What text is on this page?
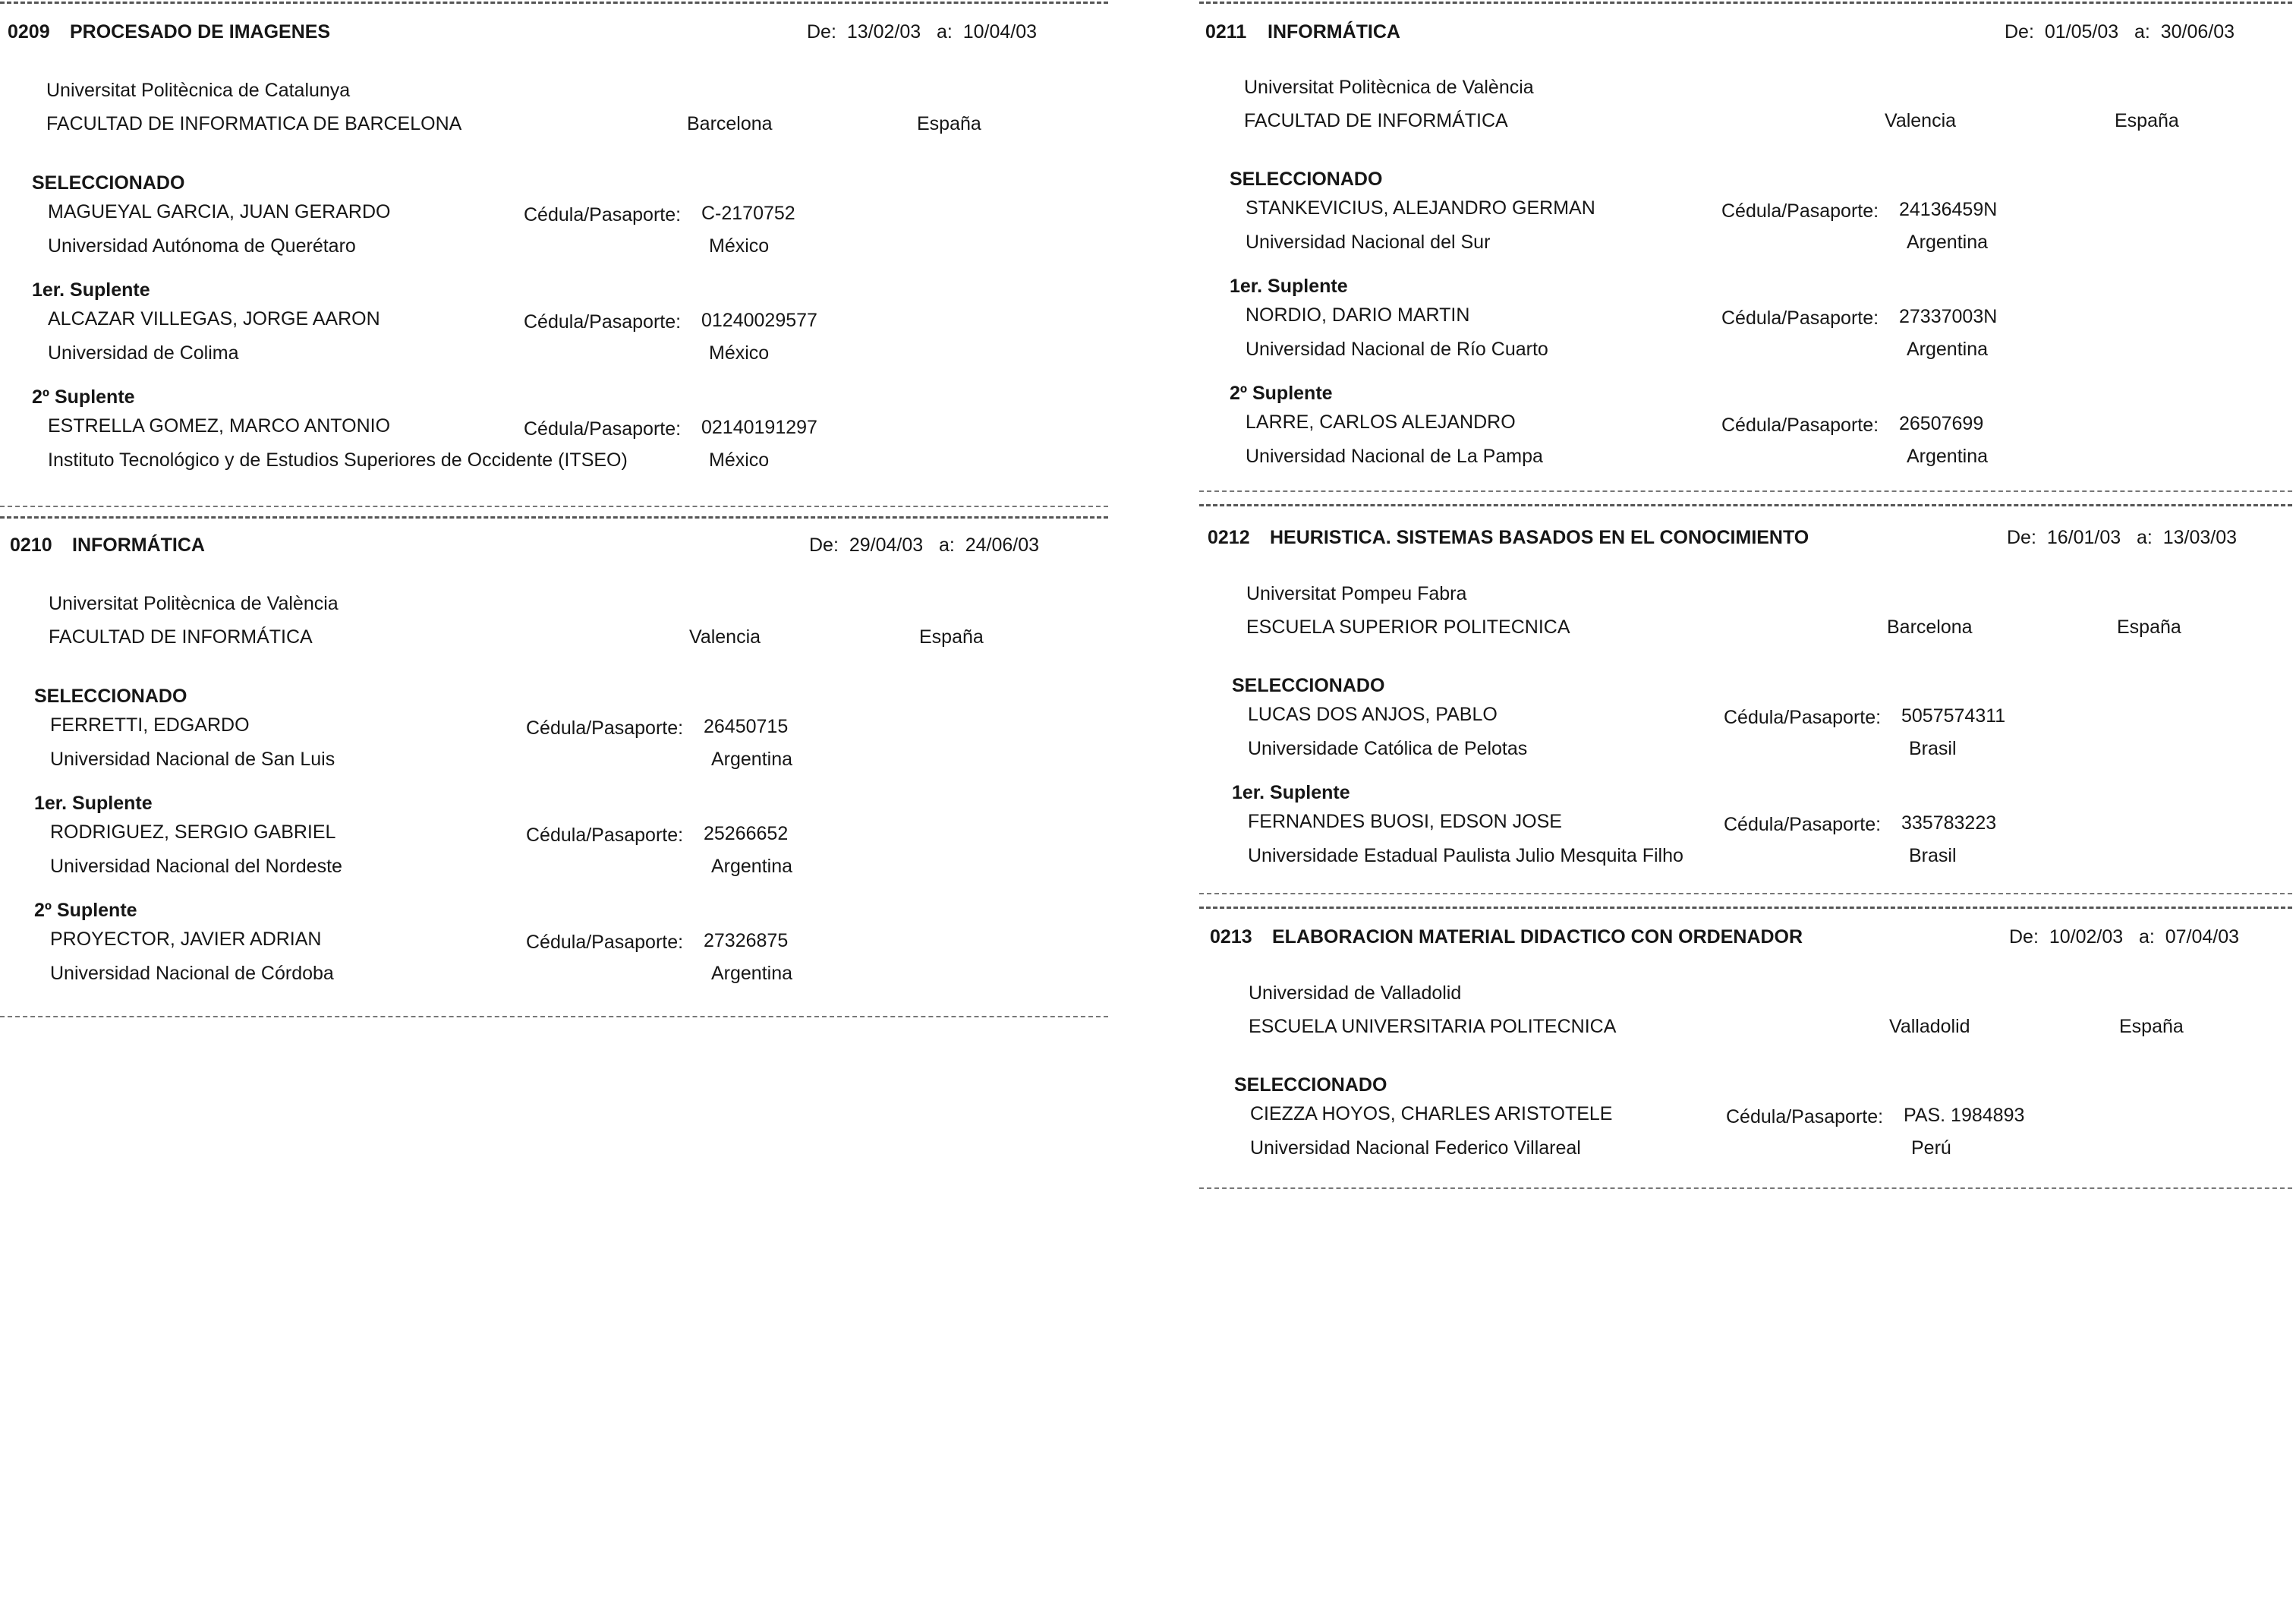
0209 PROCESADO DE IMAGENES	De: 13/02/03 a: 10/04/03
Universitat Politècnica de Catalunya
FACULTAD DE INFORMATICA DE BARCELONA	Barcelona	España
SELECCIONADO
MAGUEYAL GARCIA, JUAN GERARDO	Cédula/Pasaporte: C-2170752
Universidad Autónoma de Querétaro	México
1er. Suplente
ALCAZAR VILLEGAS, JORGE AARON	Cédula/Pasaporte: 01240029577
Universidad de Colima	México
2º Suplente
ESTRELLA GOMEZ, MARCO ANTONIO	Cédula/Pasaporte: 02140191297
Instituto Tecnológico y de Estudios Superiores de Occidente (ITSEO)	México
0210 INFORMÁTICA	De: 29/04/03 a: 24/06/03
Universitat Politècnica de València
FACULTAD DE INFORMÁTICA	Valencia	España
SELECCIONADO
FERRETTI, EDGARDO	Cédula/Pasaporte: 26450715
Universidad Nacional de San Luis	Argentina
1er. Suplente
RODRIGUEZ, SERGIO GABRIEL	Cédula/Pasaporte: 25266652
Universidad Nacional del Nordeste	Argentina
2º Suplente
PROYECTOR, JAVIER ADRIAN	Cédula/Pasaporte: 27326875
Universidad Nacional de Córdoba	Argentina
0211 INFORMÁTICA	De: 01/05/03 a: 30/06/03
Universitat Politècnica de València
FACULTAD DE INFORMÁTICA	Valencia	España
SELECCIONADO
STANKEVICIUS, ALEJANDRO GERMAN	Cédula/Pasaporte: 24136459N
Universidad Nacional del Sur	Argentina
1er. Suplente
NORDIO, DARIO MARTIN	Cédula/Pasaporte: 27337003N
Universidad Nacional de Río Cuarto	Argentina
2º Suplente
LARRE, CARLOS ALEJANDRO	Cédula/Pasaporte: 26507699
Universidad Nacional de La Pampa	Argentina
0212 HEURISTICA. SISTEMAS BASADOS EN EL CONOCIMIENTO	De: 16/01/03 a: 13/03/03
Universitat Pompeu Fabra
ESCUELA SUPERIOR POLITECNICA	Barcelona	España
SELECCIONADO
LUCAS DOS ANJOS, PABLO	Cédula/Pasaporte: 5057574311
Universidade Católica de Pelotas	Brasil
1er. Suplente
FERNANDES BUOSI, EDSON JOSE	Cédula/Pasaporte: 335783223
Universidade Estadual Paulista Julio Mesquita Filho	Brasil
0213 ELABORACION MATERIAL DIDACTICO CON ORDENADOR	De: 10/02/03 a: 07/04/03
Universidad de Valladolid
ESCUELA UNIVERSITARIA POLITECNICA	Valladolid	España
SELECCIONADO
CIEZZA HOYOS, CHARLES ARISTOTELE	Cédula/Pasaporte: PAS. 1984893
Universidad Nacional Federico Villareal	Perú
